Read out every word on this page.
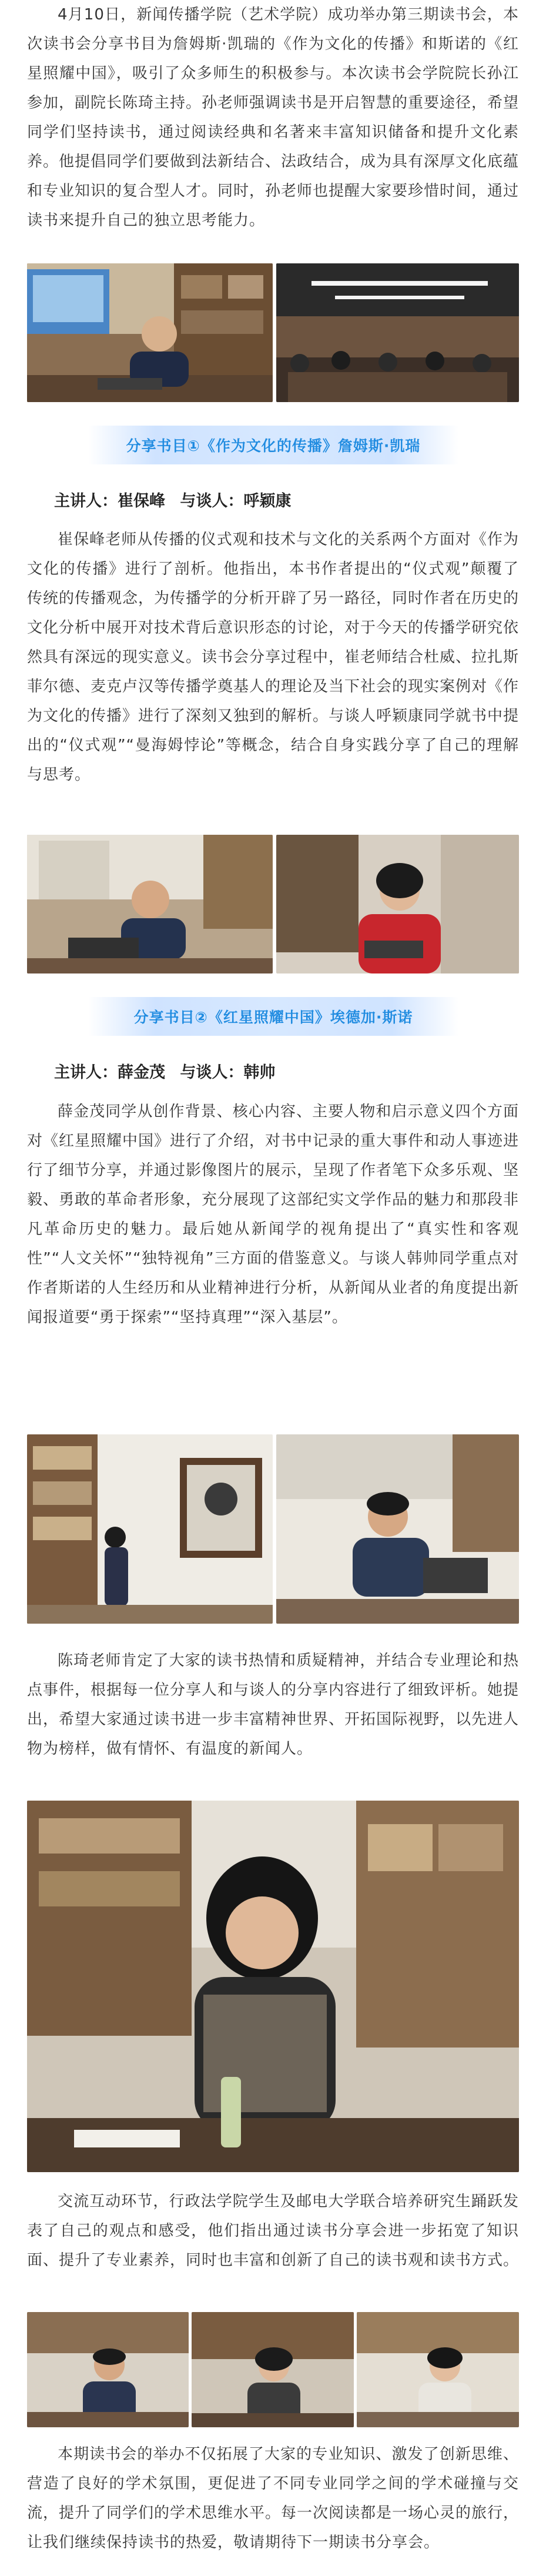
4月10日，新闻传播学院（艺术学院）成功举办第三期读书会，本次读书会分享书目为詹姆斯·凯瑞的《作为文化的传播》和斯诺的《红星照耀中国》，吸引了众多师生的积极参与。本次读书会学院院长孙江参加，副院长陈琦主持。孙老师强调读书是开启智慧的重要途径，希望同学们坚持读书，通过阅读经典和名著来丰富知识储备和提升文化素养。他提倡同学们要做到法新结合、法政结合，成为具有深厚文化底蕴和专业知识的复合型人才。同时，孙老师也提醒大家要珍惜时间，通过读书来提升自己的独立思考能力。

分享书目①《作为文化的传播》詹姆斯·凯瑞
主讲人：崔保峰 与谈人：呼颖康

崔保峰老师从传播的仪式观和技术与文化的关系两个方面对《作为文化的传播》进行了剖析。他指出，本书作者提出的“仪式观”颠覆了传统的传播观念，为传播学的分析开辟了另一路径，同时作者在历史的文化分析中展开对技术背后意识形态的讨论，对于今天的传播学研究依然具有深远的现实意义。读书会分享过程中，崔老师结合杜威、拉扎斯菲尔德、麦克卢汉等传播学奠基人的理论及当下社会的现实案例对《作为文化的传播》进行了深刻又独到的解析。与谈人呼颖康同学就书中提出的“仪式观”“曼海姆悖论”等概念，结合自身实践分享了自己的理解与思考。

分享书目②《红星照耀中国》埃德加·斯诺
主讲人：薛金茂 与谈人：韩帅

薛金茂同学从创作背景、核心内容、主要人物和启示意义四个方面对《红星照耀中国》进行了介绍，对书中记录的重大事件和动人事迹进行了细节分享，并通过影像图片的展示，呈现了作者笔下众多乐观、坚毅、勇敢的革命者形象，充分展现了这部纪实文学作品的魅力和那段非凡革命历史的魅力。最后她从新闻学的视角提出了“真实性和客观性”“人文关怀”“独特视角”三方面的借鉴意义。与谈人韩帅同学重点对作者斯诺的人生经历和从业精神进行分析，从新闻从业者的角度提出新闻报道要“勇于探索”“坚持真理”“深入基层”。

陈琦老师肯定了大家的读书热情和质疑精神，并结合专业理论和热点事件，根据每一位分享人和与谈人的分享内容进行了细致评析。她提出，希望大家通过读书进一步丰富精神世界、开拓国际视野，以先进人物为榜样，做有情怀、有温度的新闻人。

交流互动环节，行政法学院学生及邮电大学联合培养研究生踊跃发表了自己的观点和感受，他们指出通过读书分享会进一步拓宽了知识面、提升了专业素养，同时也丰富和创新了自己的读书观和读书方式。

本期读书会的举办不仅拓展了大家的专业知识、激发了创新思维、营造了良好的学术氛围，更促进了不同专业同学之间的学术碰撞与交流，提升了同学们的学术思维水平。每一次阅读都是一场心灵的旅行，让我们继续保持读书的热爱，敬请期待下一期读书分享会。
